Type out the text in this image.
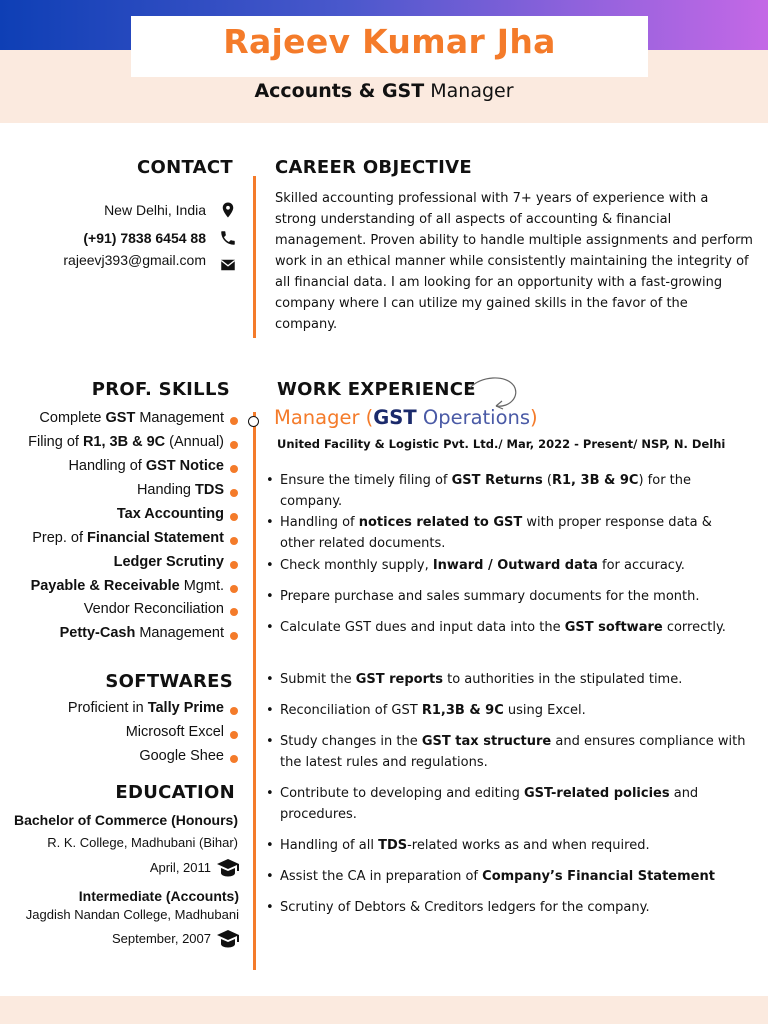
Rajeev Kumar Jha
Accounts & GST Manager
CONTACT
New Delhi, India
(+91) 7838 6454 88
rajeevj393@gmail.com
CAREER OBJECTIVE
Skilled accounting professional with 7+ years of experience with a strong understanding of all aspects of accounting & financial management. Proven ability to handle multiple assignments and perform work in an ethical manner while consistently maintaining the integrity of all financial data. I am looking for an opportunity with a fast-growing company where I can utilize my gained skills in the favor of the company.
PROF. SKILLS
Complete GST Management
Filing of R1, 3B & 9C (Annual)
Handling of GST Notice
Handing TDS
Tax Accounting
Prep. of Financial Statement
Ledger Scrutiny
Payable & Receivable Mgmt.
Vendor Reconciliation
Petty-Cash Management
SOFTWARES
Proficient in Tally Prime
Microsoft Excel
Google Shee
EDUCATION
Bachelor of Commerce (Honours)
R. K. College, Madhubani (Bihar)
April, 2011
Intermediate (Accounts)
Jagdish Nandan College, Madhubani
September, 2007
WORK EXPERIENCE
Manager (GST Operations)
United Facility & Logistic Pvt. Ltd./ Mar, 2022 - Present/ NSP, N. Delhi
• Ensure the timely filing of GST Returns (R1, 3B & 9C) for the company.
• Handling of notices related to GST with proper response data & other related documents.
• Check monthly supply, Inward / Outward data for accuracy.
• Prepare purchase and sales summary documents for the month.
• Calculate GST dues and input data into the GST software correctly.
• Submit the GST reports to authorities in the stipulated time.
• Reconciliation of GST R1,3B & 9C using Excel.
• Study changes in the GST tax structure and ensures compliance with the latest rules and regulations.
• Contribute to developing and editing GST-related policies and procedures.
• Handling of all TDS-related works as and when required.
• Assist the CA in preparation of Company’s Financial Statement
• Scrutiny of Debtors & Creditors ledgers for the company.
